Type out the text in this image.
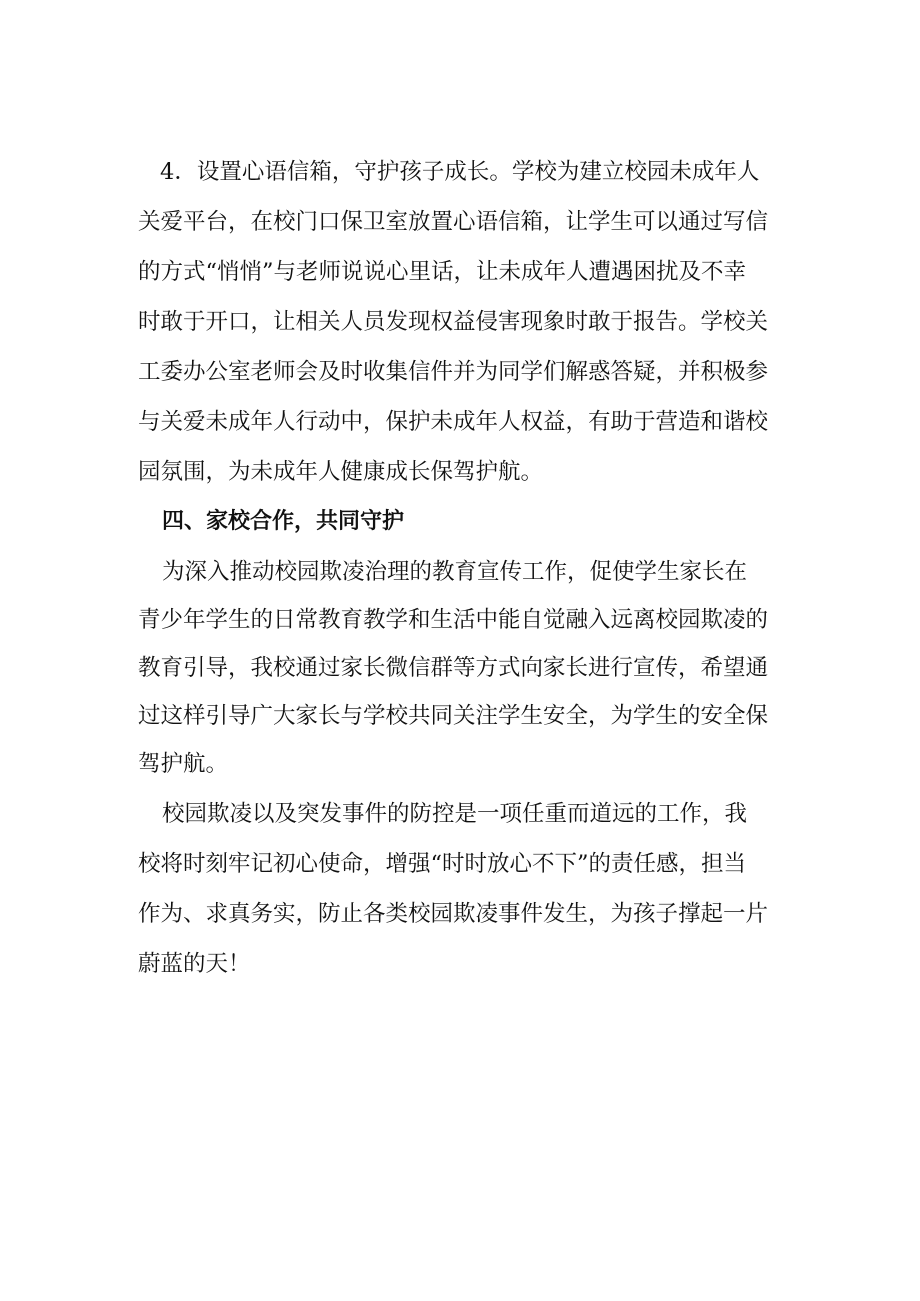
4．设置心语信箱，守护孩子成长。学校为建立校园未成年人
关爱平台，在校门口保卫室放置心语信箱，让学生可以通过写信
的方式“悄悄”与老师说说心里话，让未成年人遭遇困扰及不幸
时敢于开口，让相关人员发现权益侵害现象时敢于报告。学校关
工委办公室老师会及时收集信件并为同学们解惑答疑，并积极参
与关爱未成年人行动中，保护未成年人权益，有助于营造和谐校
园氛围，为未成年人健康成长保驾护航。
四、家校合作，共同守护
为深入推动校园欺凌治理的教育宣传工作，促使学生家长在
青少年学生的日常教育教学和生活中能自觉融入远离校园欺凌的
教育引导，我校通过家长微信群等方式向家长进行宣传，希望通
过这样引导广大家长与学校共同关注学生安全，为学生的安全保
驾护航。
校园欺凌以及突发事件的防控是一项任重而道远的工作，我
校将时刻牢记初心使命，增强“时时放心不下”的责任感，担当
作为、求真务实，防止各类校园欺凌事件发生，为孩子撑起一片
蔚蓝的天！
